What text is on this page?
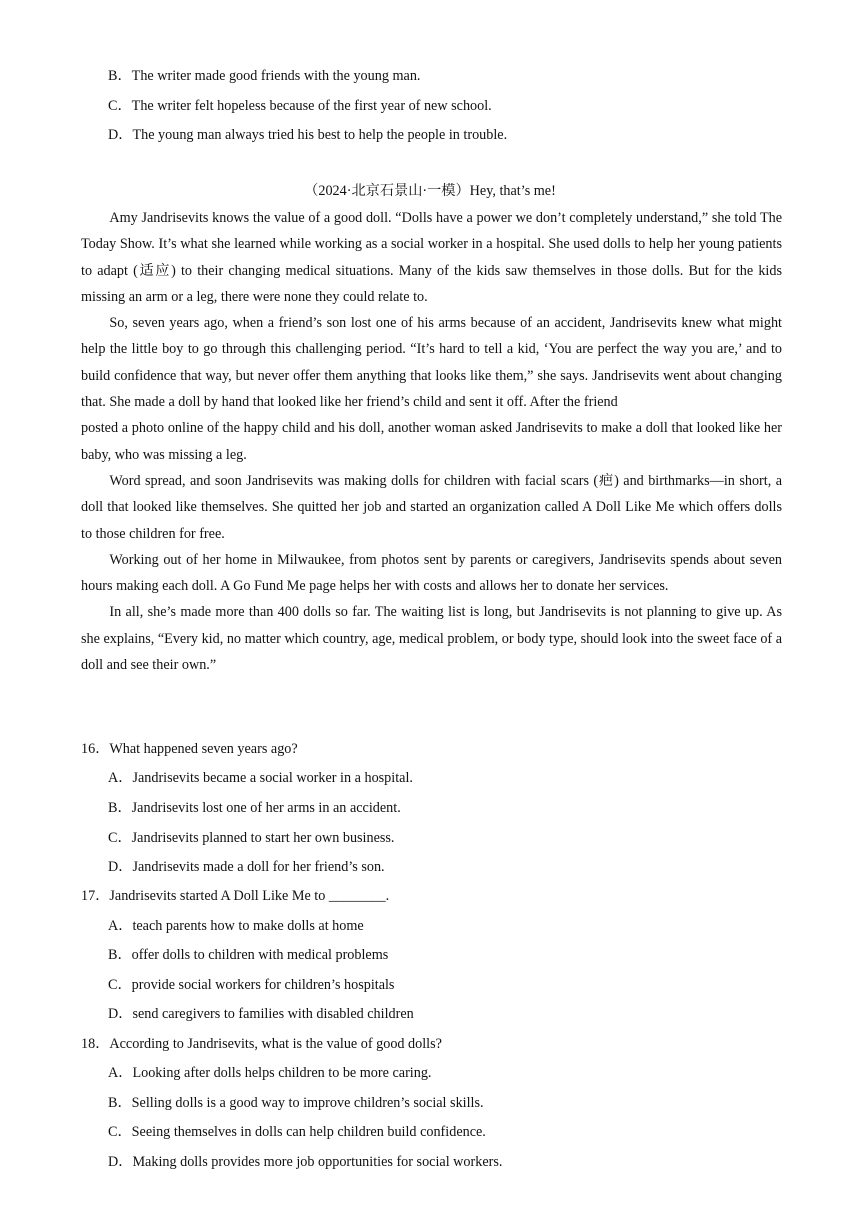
B．The writer made good friends with the young man.
C．The writer felt hopeless because of the first year of new school.
D．The young man always tried his best to help the people in trouble.
（2024·北京石景山·一模）Hey, that’s me!

Amy Jandrisevits knows the value of a good doll. “Dolls have a power we don’t completely understand,” she told The Today Show. It’s what she learned while working as a social worker in a hospital. She used dolls to help her young patients to adapt (适应) to their changing medical situations. Many of the kids saw themselves in those dolls. But for the kids missing an arm or a leg, there were none they could relate to.

So, seven years ago, when a friend’s son lost one of his arms because of an accident, Jandrisevits knew what might help the little boy to go through this challenging period. “It’s hard to tell a kid, ‘You are perfect the way you are,’ and to build confidence that way, but never offer them anything that looks like them,” she says. Jandrisevits went about changing that. She made a doll by hand that looked like her friend’s child and sent it off. After the friend

posted a photo online of the happy child and his doll, another woman asked Jandrisevits to make a doll that looked like her baby, who was missing a leg.

Word spread, and soon Jandrisevits was making dolls for children with facial scars (疤) and birthmarks—in short, a doll that looked like themselves. She quitted her job and started an organization called A Doll Like Me which offers dolls to those children for free.

Working out of her home in Milwaukee, from photos sent by parents or caregivers, Jandrisevits spends about seven hours making each doll. A Go Fund Me page helps her with costs and allows her to donate her services.

In all, she’s made more than 400 dolls so far. The waiting list is long, but Jandrisevits is not planning to give up. As she explains, “Every kid, no matter which country, age, medical problem, or body type, should look into the sweet face of a doll and see their own.”

16．What happened seven years ago?
A．Jandrisevits became a social worker in a hospital.
B．Jandrisevits lost one of her arms in an accident.
C．Jandrisevits planned to start her own business.
D．Jandrisevits made a doll for her friend’s son.
17．Jandrisevits started A Doll Like Me to ________.
A．teach parents how to make dolls at home
B．offer dolls to children with medical problems
C．provide social workers for children’s hospitals
D．send caregivers to families with disabled children
18．According to Jandrisevits, what is the value of good dolls?
A．Looking after dolls helps children to be more caring.
B．Selling dolls is a good way to improve children’s social skills.
C．Seeing themselves in dolls can help children build confidence.
D．Making dolls provides more job opportunities for social workers.
